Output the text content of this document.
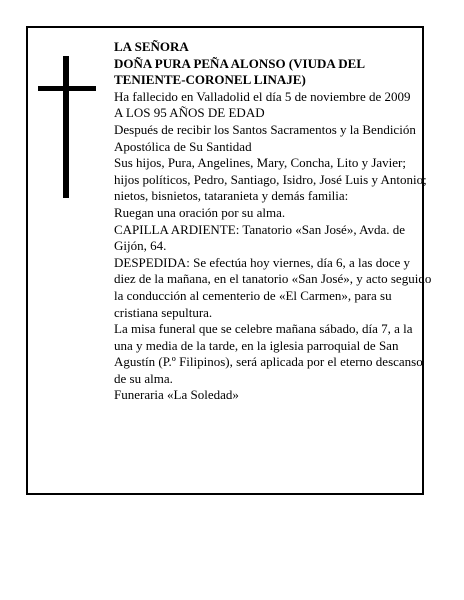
LA SEÑORA

DOÑA PURA PEÑA ALONSO (VIUDA DEL TENIENTE-CORONEL LINAJE)

Ha fallecido en Valladolid el día 5 de noviembre de 2009

A LOS 95 AÑOS DE EDAD

Después de recibir los Santos Sacramentos y la Bendición Apostólica de Su Santidad

Sus hijos, Pura, Angelines, Mary, Concha, Lito y Javier; hijos políticos, Pedro, Santiago, Isidro, José Luis y Antonio; nietos, bisnietos, tataranieta y demás familia:

Ruegan una oración por su alma.

CAPILLA ARDIENTE: Tanatorio «San José», Avda. de Gijón, 64.

DESPEDIDA: Se efectúa hoy viernes, día 6, a las doce y diez de la mañana, en el tanatorio «San José», y acto seguido la conducción al cementerio de «El Carmen», para su cristiana sepultura.

La misa funeral que se celebre mañana sábado, día 7, a la una y media de la tarde, en la iglesia parroquial de San Agustín (P.º Filipinos), será aplicada por el eterno descanso de su alma.

Funeraria «La Soledad»
